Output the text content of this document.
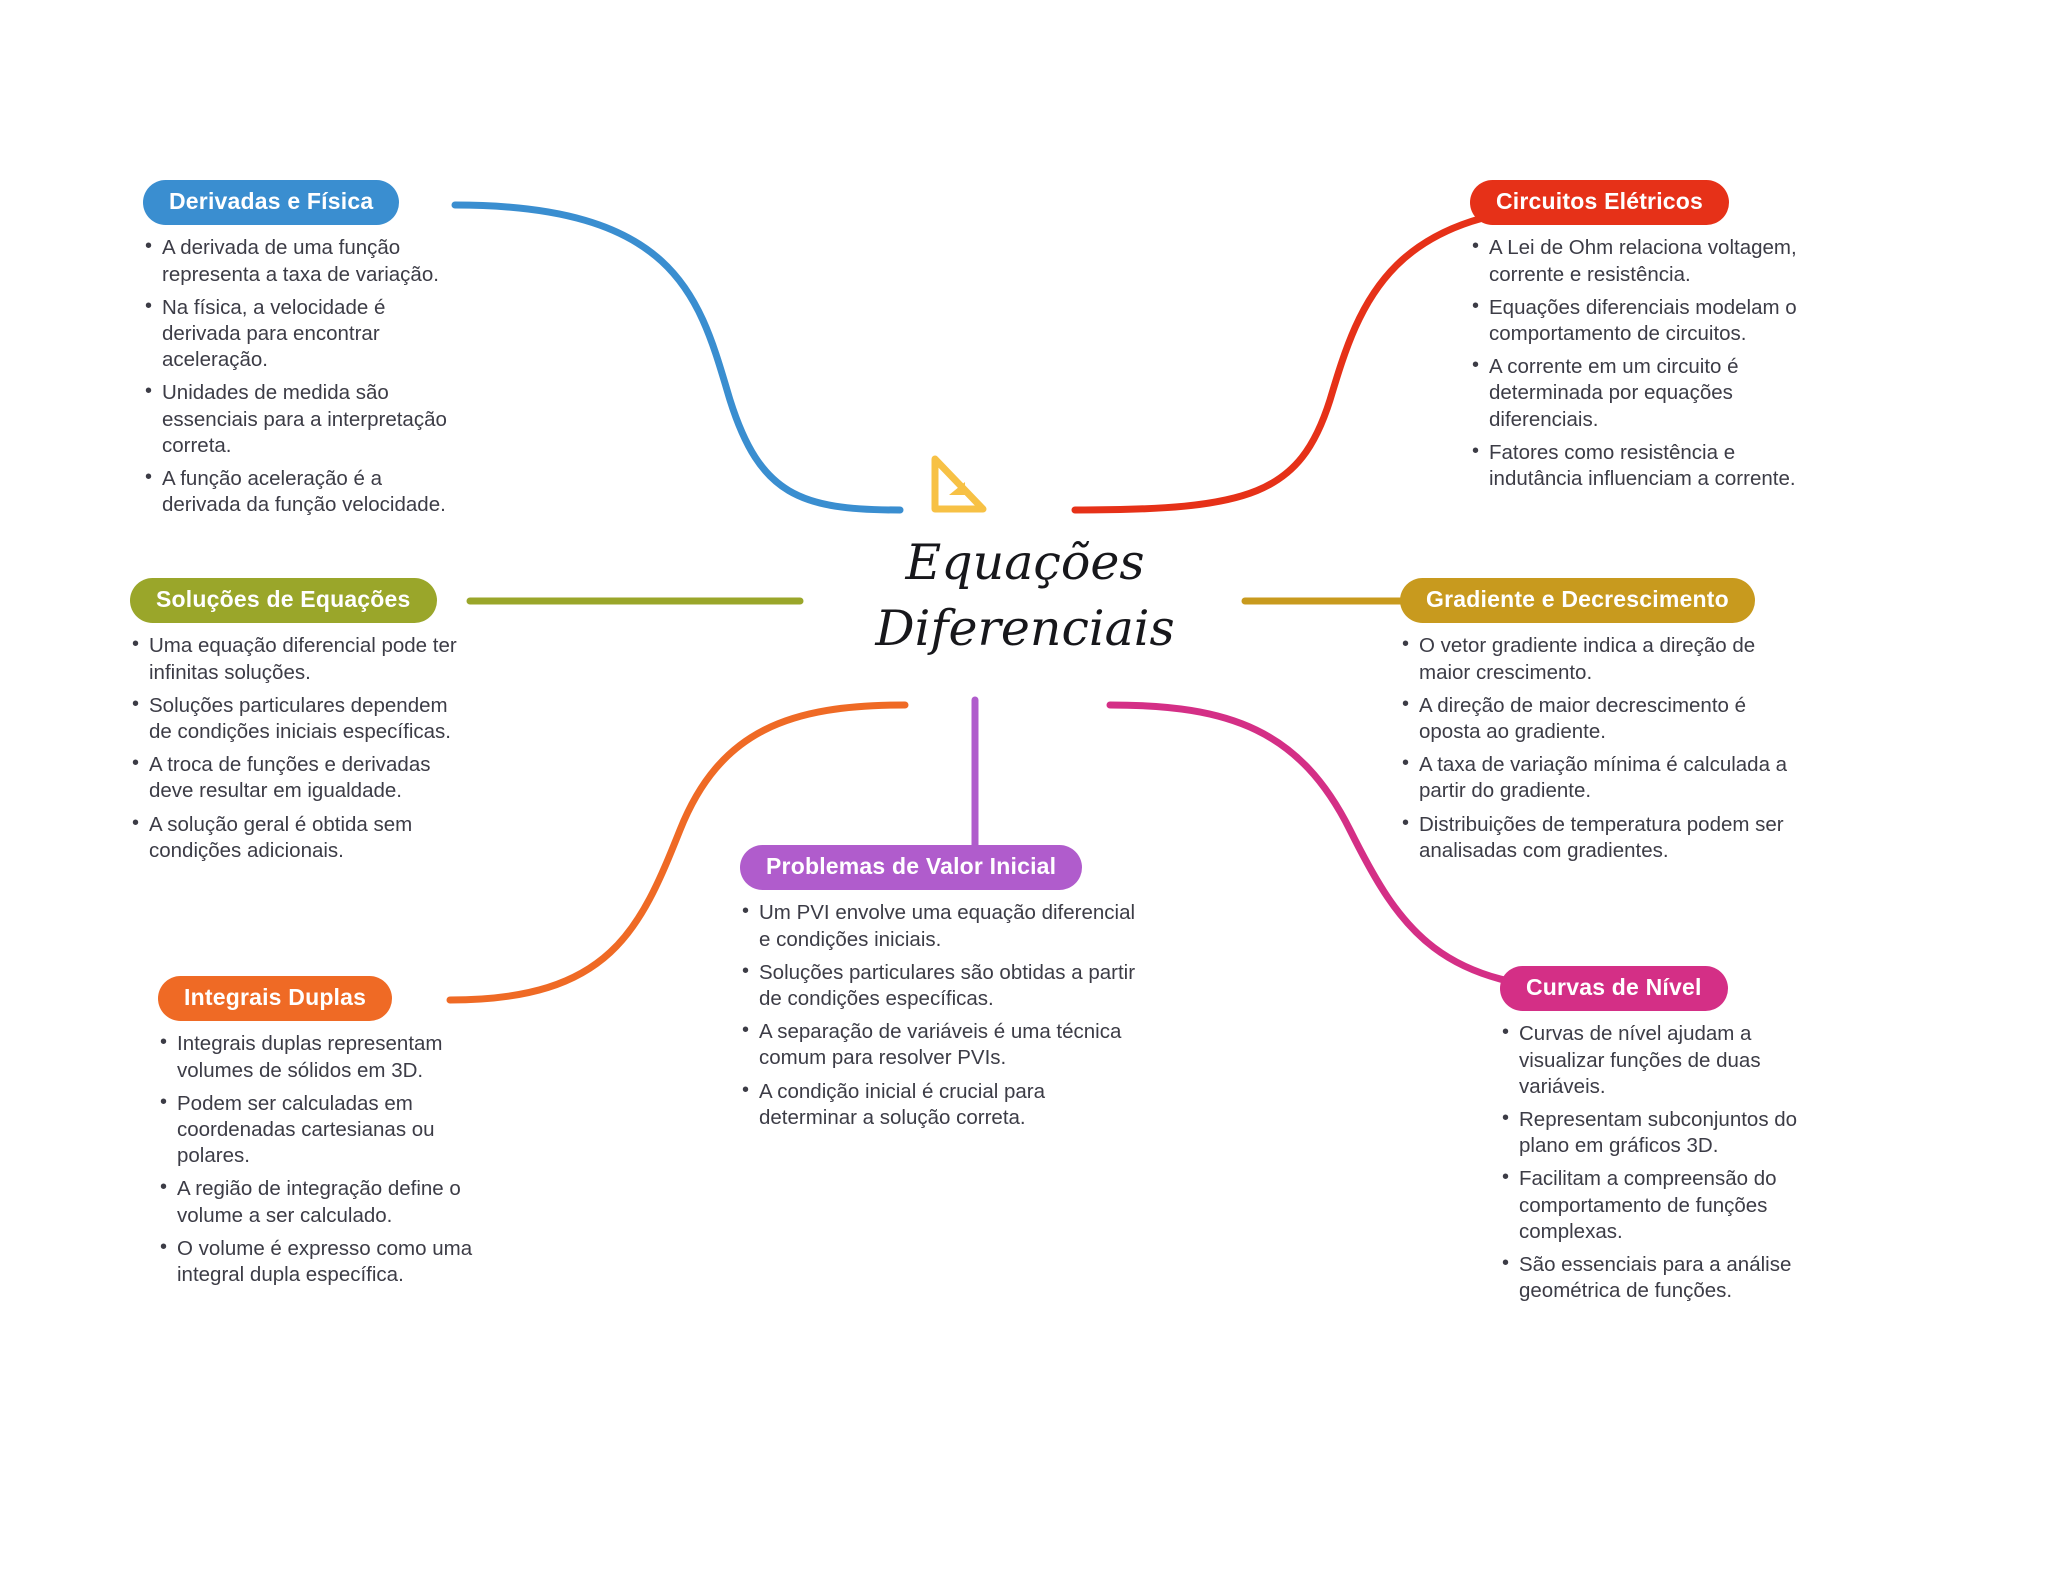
Equações
Diferenciais
Derivadas e Física
• A derivada de uma função representa a taxa de variação.
• Na física, a velocidade é derivada para encontrar aceleração.
• Unidades de medida são essenciais para a interpretação correta.
• A função aceleração é a derivada da função velocidade.
Soluções de Equações
• Uma equação diferencial pode ter infinitas soluções.
• Soluções particulares dependem de condições iniciais específicas.
• A troca de funções e derivadas deve resultar em igualdade.
• A solução geral é obtida sem condições adicionais.
Integrais Duplas
• Integrais duplas representam volumes de sólidos em 3D.
• Podem ser calculadas em coordenadas cartesianas ou polares.
• A região de integração define o volume a ser calculado.
• O volume é expresso como uma integral dupla específica.
Circuitos Elétricos
• A Lei de Ohm relaciona voltagem, corrente e resistência.
• Equações diferenciais modelam o comportamento de circuitos.
• A corrente em um circuito é determinada por equações diferenciais.
• Fatores como resistência e indutância influenciam a corrente.
Gradiente e Decrescimento
• O vetor gradiente indica a direção de maior crescimento.
• A direção de maior decrescimento é oposta ao gradiente.
• A taxa de variação mínima é calculada a partir do gradiente.
• Distribuições de temperatura podem ser analisadas com gradientes.
Curvas de Nível
• Curvas de nível ajudam a visualizar funções de duas variáveis.
• Representam subconjuntos do plano em gráficos 3D.
• Facilitam a compreensão do comportamento de funções complexas.
• São essenciais para a análise geométrica de funções.
Problemas de Valor Inicial
• Um PVI envolve uma equação diferencial e condições iniciais.
• Soluções particulares são obtidas a partir de condições específicas.
• A separação de variáveis é uma técnica comum para resolver PVIs.
• A condição inicial é crucial para determinar a solução correta.
